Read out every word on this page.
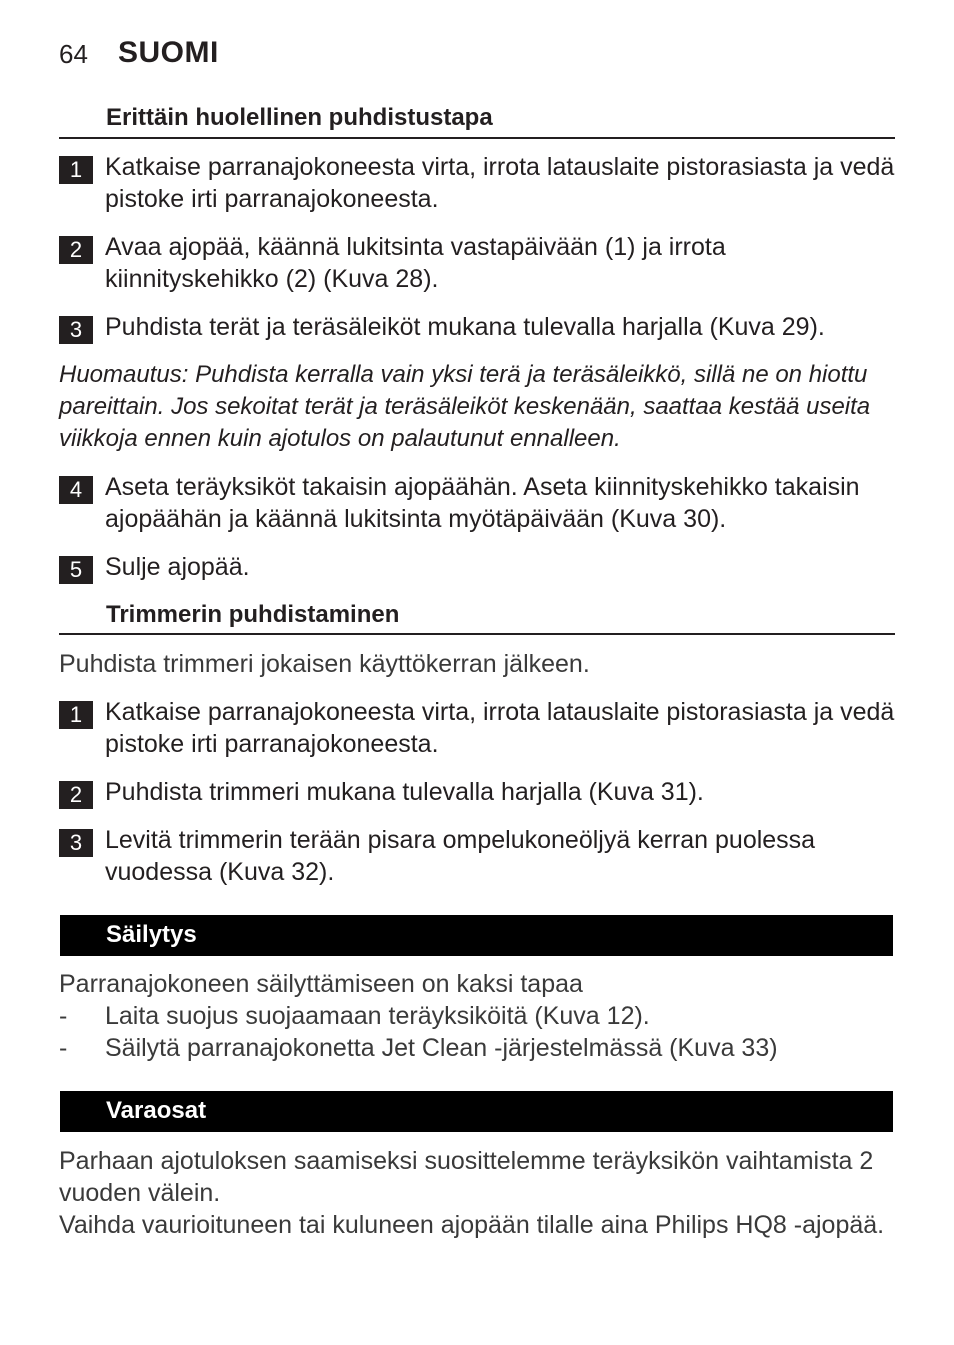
64 SUOMI
Erittäin huolellinen puhdistustapa
1 Katkaise parranajokoneesta virta, irrota latauslaite pistorasiasta ja vedä pistoke irti parranajokoneesta.
2 Avaa ajopää, käännä lukitsinta vastapäivään (1) ja irrota kiinnityskehikko (2) (Kuva 28).
3 Puhdista terät ja teräsäleiköt mukana tulevalla harjalla (Kuva 29).
Huomautus: Puhdista kerralla vain yksi terä ja teräsäleikkö, sillä ne on hiottu pareittain. Jos sekoitat terät ja teräsäleiköt keskenään, saattaa kestää useita viikkoja ennen kuin ajotulos on palautunut ennalleen.
4 Aseta teräyksiköt takaisin ajopäähän. Aseta kiinnityskehikko takaisin ajopäähän ja käännä lukitsinta myötäpäivään (Kuva 30).
5 Sulje ajopää.
Trimmerin puhdistaminen
Puhdista trimmeri jokaisen käyttökerran jälkeen.
1 Katkaise parranajokoneesta virta, irrota latauslaite pistorasiasta ja vedä pistoke irti parranajokoneesta.
2 Puhdista trimmeri mukana tulevalla harjalla (Kuva 31).
3 Levitä trimmerin terään pisara ompelukoneöljyä kerran puolessa vuodessa (Kuva 32).
Säilytys
Parranajokoneen säilyttämiseen on kaksi tapaa
- Laita suojus suojaamaan teräyksiköitä (Kuva 12).
- Säilytä parranajokonetta Jet Clean -järjestelmässä (Kuva 33)
Varaosat
Parhaan ajotuloksen saamiseksi suosittelemme teräyksikön vaihtamista 2 vuoden välein.
Vaihda vaurioituneen tai kuluneen ajopään tilalle aina Philips HQ8 -ajopää.
